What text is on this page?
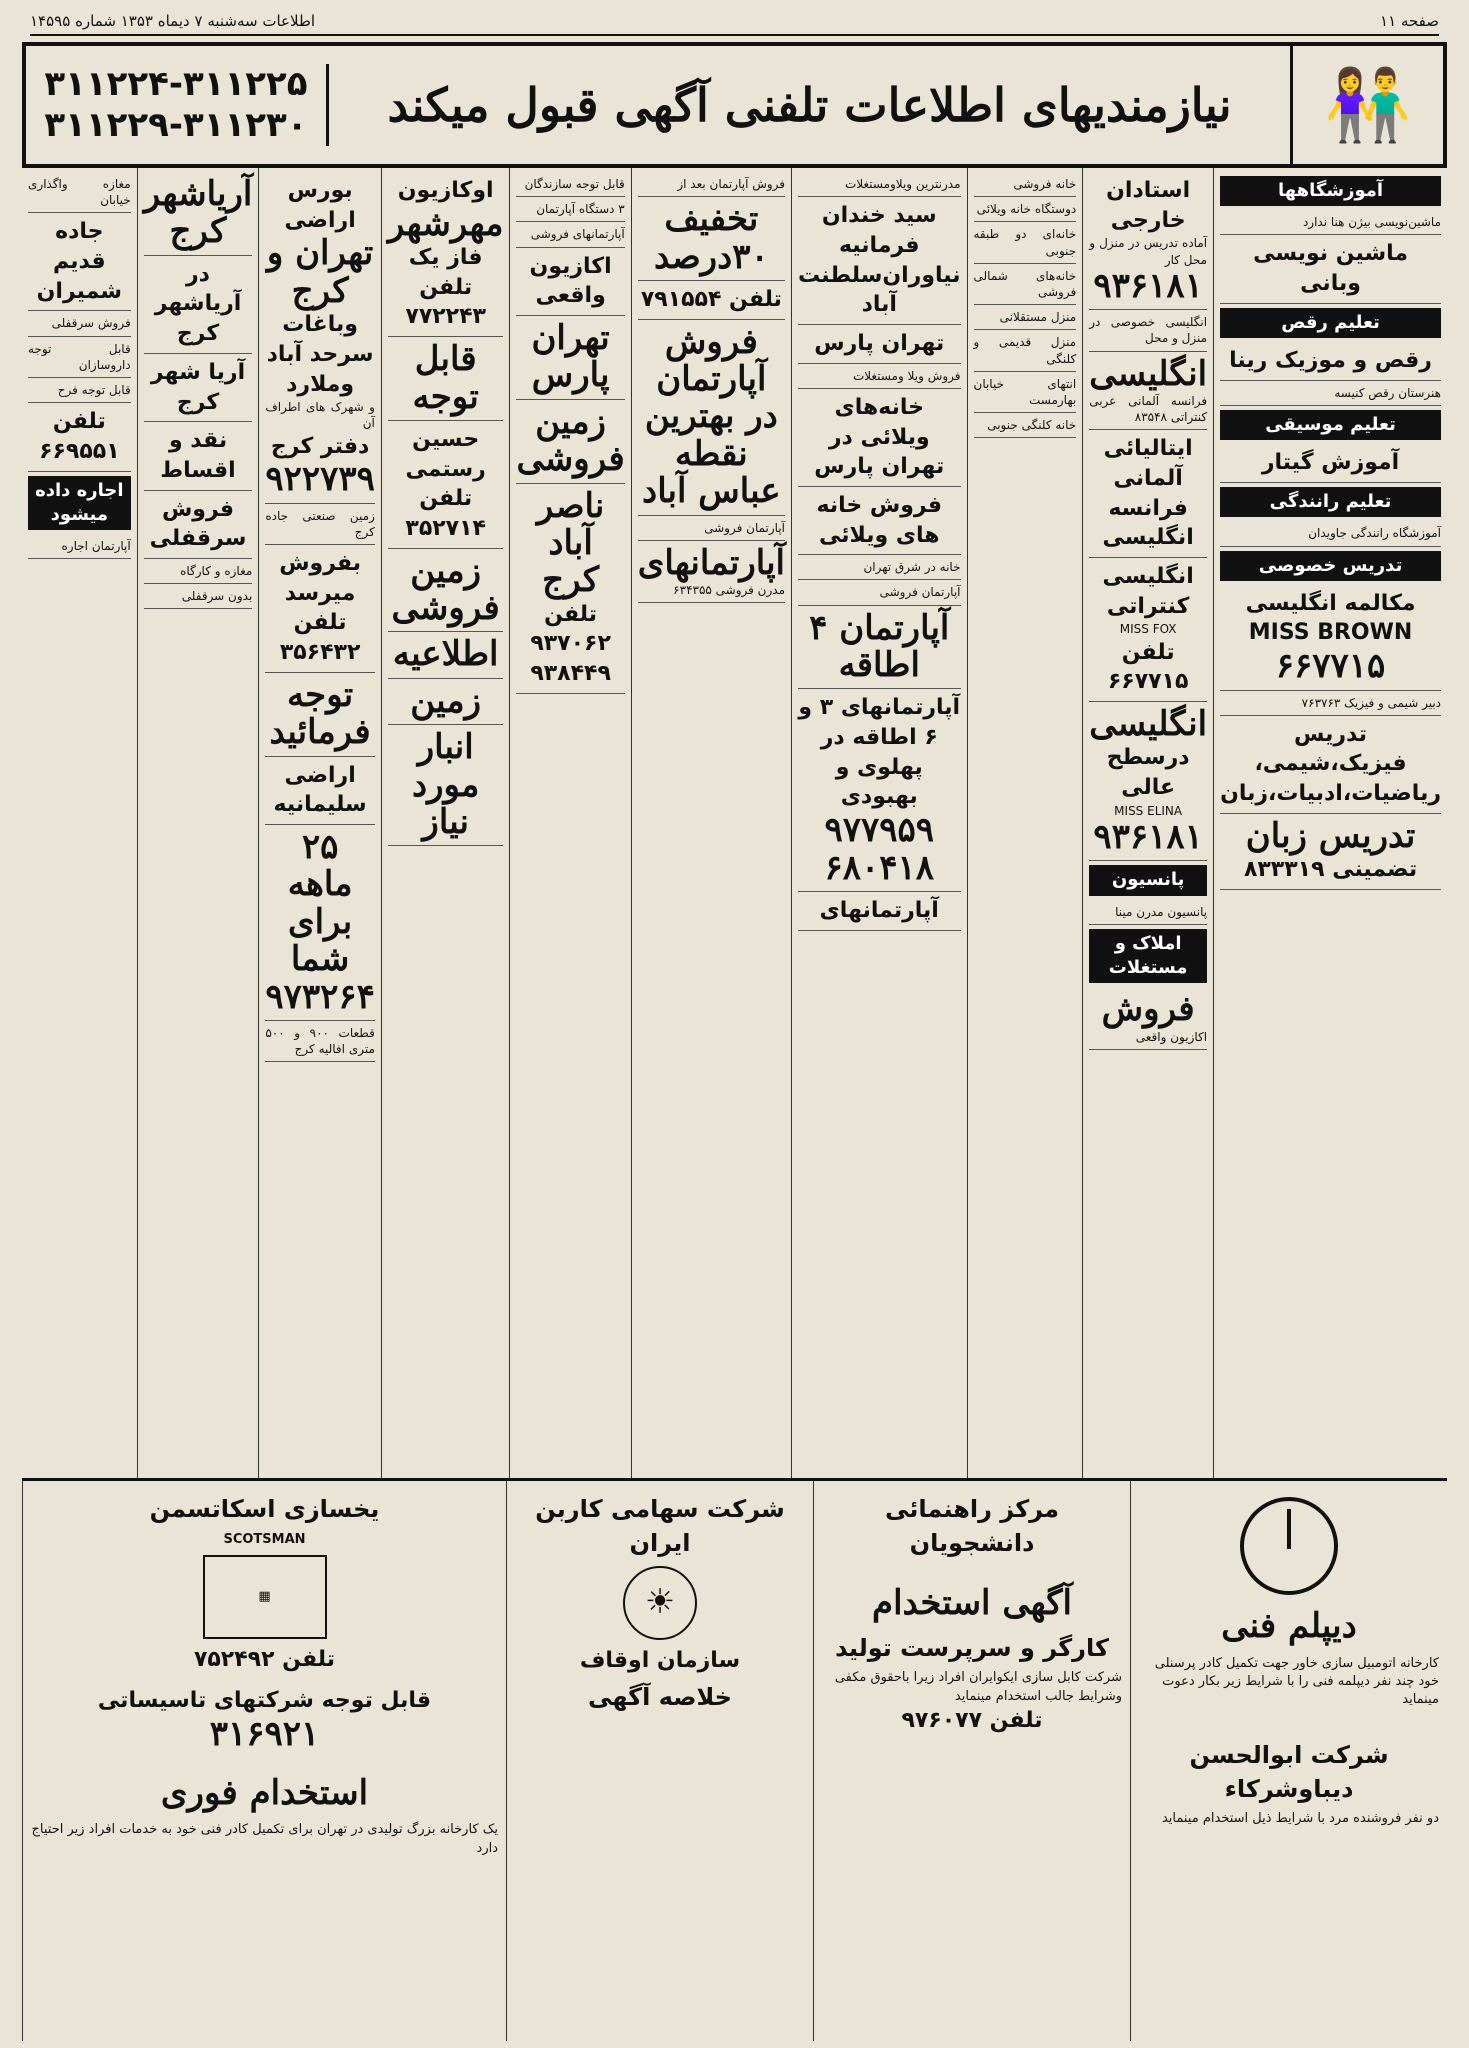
صفحه ۱۱
اطلاعات سه‌شنبه ۷ دیماه ۱۳۵۳ شماره ۱۴۵۹۵
👫
نیازمندیهای اطلاعات تلفنی آگهی قبول میکند
۳۱۱۲۲۴-۳۱۱۲۲۵
۳۱۱۲۲۹-۳۱۱۲۳۰
آموزشگاهها
ماشین‌نویسی بیژن هنا ندارد
ماشین نویسی وبانی
تعلیم رقص
رقص و موزیک رینا
هنرستان رقص کنیسه
تعلیم موسیقی
آموزش گیتار
تعلیم رانندگی
آموزشگاه رانندگی جاویدان
تدریس خصوصی
مکالمه انگلیسی
MISS BROWN
۶۶۷۷۱۵
دبیر شیمی و فیزیک ۷۶۳۷۶۳
تدریس فیزیک،شیمی، ریاضیات،ادبیات،زبان
تدریس زبان
تضمینی ۸۳۳۳۱۹
استادان خارجی
آماده تدریس در منزل و محل کار
۹۳۶۱۸۱
انگلیسی خصوصی در منزل و محل
انگلیسی
فرانسه آلمانی عربی کنتراتی ۸۳۵۴۸
ایتالیائی آلمانی فرانسه انگلیسی
انگلیسی کنتراتی
MISS FOX
تلفن ۶۶۷۷۱۵
انگلیسی
درسطح عالی
MISS ELINA
۹۳۶۱۸۱
پانسیون
پانسیون مدرن مینا
املاک و مستغلات
فروش
اکازیون واقعی
خانه فروشی
دوستگاه خانه ویلائی
خانه‌ای دو طبقه جنوبی
خانه‌های شمالی فروشی
منزل مستقلانی
منزل قدیمی و کلنگی
انتهای خیابان بهارمست
خانه کلنگی جنوبی
مدرنترین ویلاومستغلات
سید خندان فرمانیه نیاوران‌سلطنت آباد
تهران پارس
فروش ویلا ومستغلات
خانه‌های ویلائی در تهران پارس
فروش خانه های ویلائی
خانه در شرق تهران
آپارتمان فروشی
آپارتمان ۴ اطاقه
آپارتمانهای ۳ و ۶ اطاقه در پهلوی و بهبودی
۹۷۷۹۵۹
۶۸۰۴۱۸
آپارتمانهای
فروش آپارتمان بعد از
تخفیف ۳۰درصد
تلفن ۷۹۱۵۵۴
فروش آپارتمان در بهترین نقطه عباس آباد
آپارتمان فروشی
آپارتمانهای
مدرن فروشی ۶۳۴۳۵۵
قابل توجه سازندگان
۳ دستگاه آپارتمان
آپارتمانهای فروشی
اکازیون واقعی
تهران پارس
زمین فروشی
ناصر آباد کرج
تلفن ۹۳۷۰۶۲
۹۳۸۴۴۹
اوکازیون
مهرشهر
فاز یک
تلفن ۷۷۲۲۴۳
قابل توجه
حسین رستمی
تلفن ۳۵۲۷۱۴
زمین فروشی
اطلاعیه
زمین
انبار مورد نیاز
بورس اراضی
تهران و کرج
وباغات سرحد آباد وملارد
و شهرک های اطراف آن
دفتر کرج
۹۲۲۷۳۹
زمین صنعتی جاده کرج
بفروش میرسد
تلفن ۳۵۶۴۳۲
توجه فرمائید
اراضی سلیمانیه
۲۵ ماهه برای شما
۹۷۳۲۶۴
قطعات ۹۰۰ و ۵۰۰ متری افالیه کرج
آریاشهر کرج
در آریاشهر کرج
آریا شهر کرج
نقد و اقساط
فروش سرقفلی
مغازه و کارگاه
بدون سرقفلی
مغازه واگذاری خیابان
جاده قدیم شمیران
فروش سرقفلی
قابل توجه داروسازان
قابل توجه فرح
تلفن ۶۶۹۵۵۱
اجاره داده میشود
آپارتمان اجاره
دیپلم فنی
کارخانه اتومبیل سازی خاور جهت تکمیل کادر پرسنلی خود چند نفر دیپلمه فنی را با شرایط زیر بکار دعوت مینماید
شرکت ابوالحسن دیباوشرکاء
دو نفر فروشنده مرد با شرایط ذیل استخدام مینماید
مرکز راهنمائی دانشجویان
آگهی استخدام
کارگر و سرپرست تولید
شرکت کابل سازی ایکوایران افراد زیرا باحقوق مکفی وشرایط جالب استخدام مینماید
تلفن ۹۷۶۰۷۷
شرکت سهامی کاربن ایران
☀
سازمان اوقاف
خلاصه آگهی
یخسازی اسکاتسمن
SCOTSMAN
▦
تلفن ۷۵۲۴۹۲
قابل توجه شرکتهای تاسیساتی
۳۱۶۹۲۱
استخدام فوری
یک کارخانه بزرگ تولیدی در تهران برای تکمیل کادر فنی خود به خدمات افراد زیر احتیاج دارد
